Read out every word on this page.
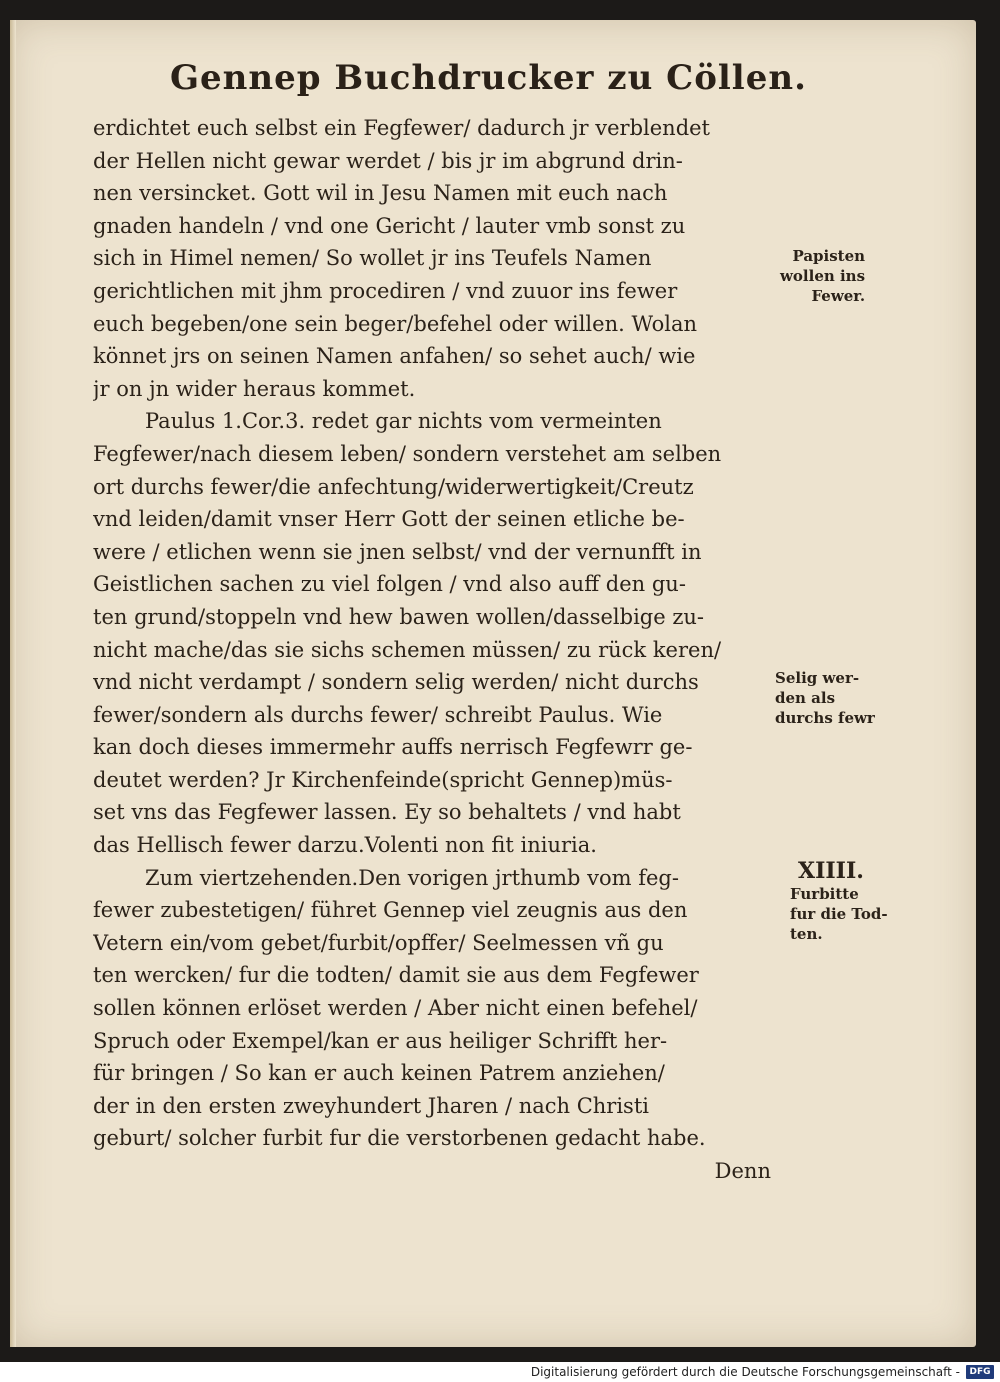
Gennep Buchdrucker zu Cöllen.
erdichtet euch selbst ein Fegfewer/ dadurch jr verblendet
der Hellen nicht gewar werdet / bis jr im abgrund drin-
nen versincket. Gott wil in Jesu Namen mit euch nach
gnaden handeln / vnd one Gericht / lauter vmb sonst zu
sich in Himel nemen/ So wollet jr ins Teufels Namen
gerichtlichen mit jhm procediren / vnd zuuor ins fewer
euch begeben/one sein beger/befehel oder willen. Wolan
könnet jrs on seinen Namen anfahen/ so sehet auch/ wie
jr on jn wider heraus kommet.
Paulus 1.Cor.3. redet gar nichts vom vermeinten
Fegfewer/nach diesem leben/ sondern verstehet am selben
ort durchs fewer/die anfechtung/widerwertigkeit/Creutz
vnd leiden/damit vnser Herr Gott der seinen etliche be-
were / etlichen wenn sie jnen selbst/ vnd der vernunfft in
Geistlichen sachen zu viel folgen / vnd also auff den gu-
ten grund/stoppeln vnd hew bawen wollen/dasselbige zu-
nicht mache/das sie sichs schemen müssen/ zu rück keren/
vnd nicht verdampt / sondern selig werden/ nicht durchs
fewer/sondern als durchs fewer/ schreibt Paulus. Wie
kan doch dieses immermehr auffs nerrisch Fegfewrr ge-
deutet werden? Jr Kirchenfeinde(spricht Gennep)müs-
set vns das Fegfewer lassen. Ey so behaltets / vnd habt
das Hellisch fewer darzu.Volenti non fit iniuria.
Zum viertzehenden.Den vorigen jrthumb vom feg-
fewer zubestetigen/ führet Gennep viel zeugnis aus den
Vetern ein/vom gebet/furbit/opffer/ Seelmessen vñ gu
ten wercken/ fur die todten/ damit sie aus dem Fegfewer
sollen können erlöset werden / Aber nicht einen befehel/
Spruch oder Exempel/kan er aus heiliger Schrifft her-
für bringen / So kan er auch keinen Patrem anziehen/
der in den ersten zweyhundert Jharen / nach Christi
geburt/ solcher furbit fur die verstorbenen gedacht habe.
Denn
Papisten
wollen ins
Fewer.
Selig wer-
den als
durchs fewr
XIIII.
Furbitte
fur die Tod-
ten.
Digitalisierung gefördert durch die Deutsche Forschungsgemeinschaft -	DFG
